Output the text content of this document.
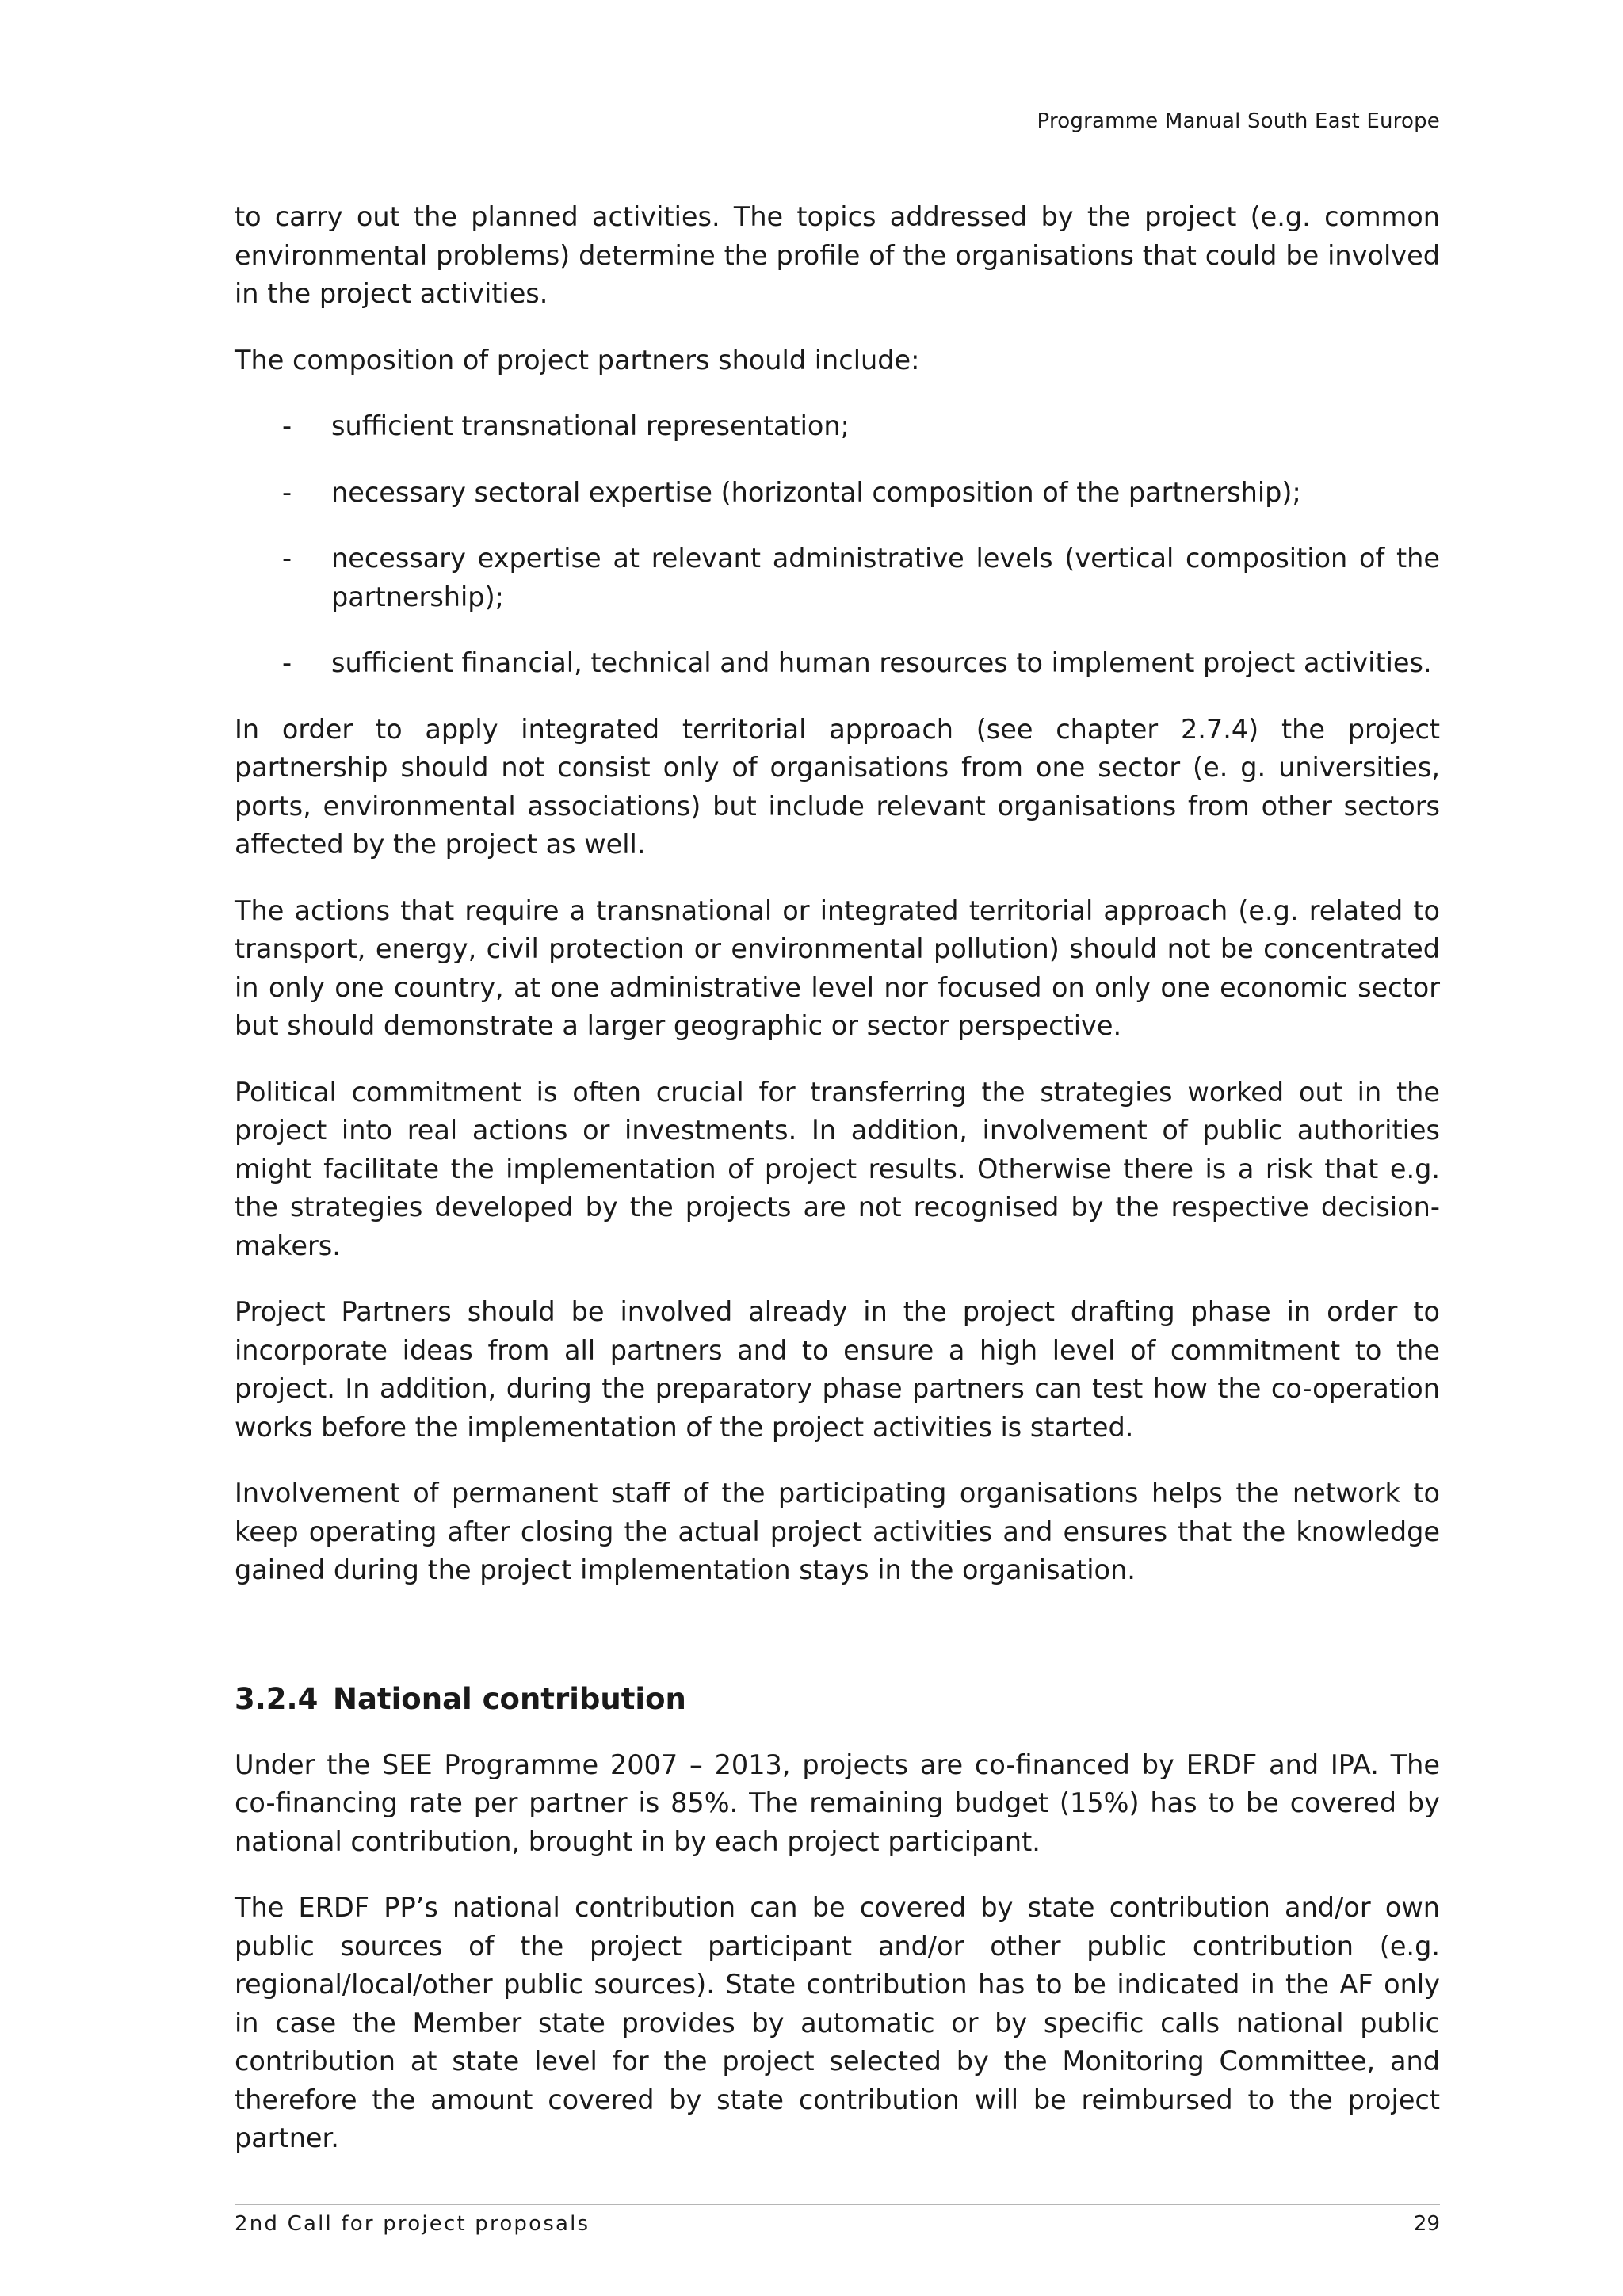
Programme Manual South East Europe

to carry out the planned activities. The topics addressed by the project (e.g. common environmental problems) determine the profile of the organisations that could be involved in the project activities.

The composition of project partners should include:

- sufficient transnational representation;
- necessary sectoral expertise (horizontal composition of the partnership);
- necessary expertise at relevant administrative levels (vertical composition of the partnership);
- sufficient financial, technical and human resources to implement project activities.

In order to apply integrated territorial approach (see chapter 2.7.4) the project partnership should not consist only of organisations from one sector (e. g. universities, ports, environmental associations) but include relevant organisations from other sectors affected by the project as well.

The actions that require a transnational or integrated territorial approach (e.g. related to transport, energy, civil protection or environmental pollution) should not be concentrated in only one country, at one administrative level nor focused on only one economic sector but should demonstrate a larger geographic or sector perspective.

Political commitment is often crucial for transferring the strategies worked out in the project into real actions or investments. In addition, involvement of public authorities might facilitate the implementation of project results. Otherwise there is a risk that e.g. the strategies developed by the projects are not recognised by the respective decision-makers.

Project Partners should be involved already in the project drafting phase in order to incorporate ideas from all partners and to ensure a high level of commitment to the project. In addition, during the preparatory phase partners can test how the co-operation works before the implementation of the project activities is started.

Involvement of permanent staff of the participating organisations helps the network to keep operating after closing the actual project activities and ensures that the knowledge gained during the project implementation stays in the organisation.

3.2.4 National contribution

Under the SEE Programme 2007 – 2013, projects are co-financed by ERDF and IPA. The co-financing rate per partner is 85%. The remaining budget (15%) has to be covered by national contribution, brought in by each project participant.

The ERDF PP’s national contribution can be covered by state contribution and/or own public sources of the project participant and/or other public contribution (e.g. regional/local/other public sources). State contribution has to be indicated in the AF only in case the Member state provides by automatic or by specific calls national public contribution at state level for the project selected by the Monitoring Committee, and therefore the amount covered by state contribution will be reimbursed to the project partner.

2nd Call for project proposals	29
